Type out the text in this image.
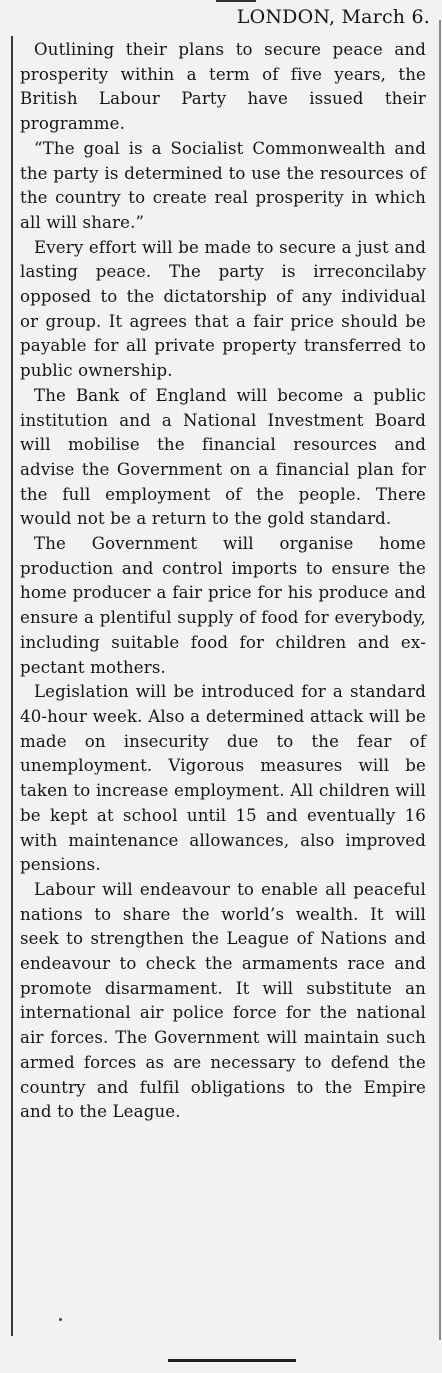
LONDON, March 6.

Outlining their plans to secure peace and prosperity within a term of five years, the British Labour Party have issued their programme.

“The goal is a Socialist Commonwealth and the party is determined to use the resources of the country to create real prosperity in which all will share.”

Every effort will be made to secure a just and lasting peace. The party is irreconcilaby opposed to the dictatorship of any individual or group. It agrees that a fair price should be payable for all private property transferred to public ownership.

The Bank of England will become a public institution and a National Investment Board will mobilise the financial resources and advise the Government on a financial plan for the full employment of the people. There would not be a return to the gold standard.

The Government will organise home production and control imports to ensure the home producer a fair price for his produce and ensure a plentiful supply of food for everybody, including suitable food for children and expectant mothers.

Legislation will be introduced for a standard 40-hour week. Also a determined attack will be made on insecurity due to the fear of unemployment. Vigorous measures will be taken to increase employment. All children will be kept at school until 15 and eventually 16 with maintenance allowances, also improved pensions.

Labour will endeavour to enable all peaceful nations to share the world’s wealth. It will seek to strengthen the League of Nations and endeavour to check the armaments race and promote disarmament. It will substitute an international air police force for the national air forces. The Government will maintain such armed forces as are necessary to defend the country and fulfil obligations to the Empire and to the League.
